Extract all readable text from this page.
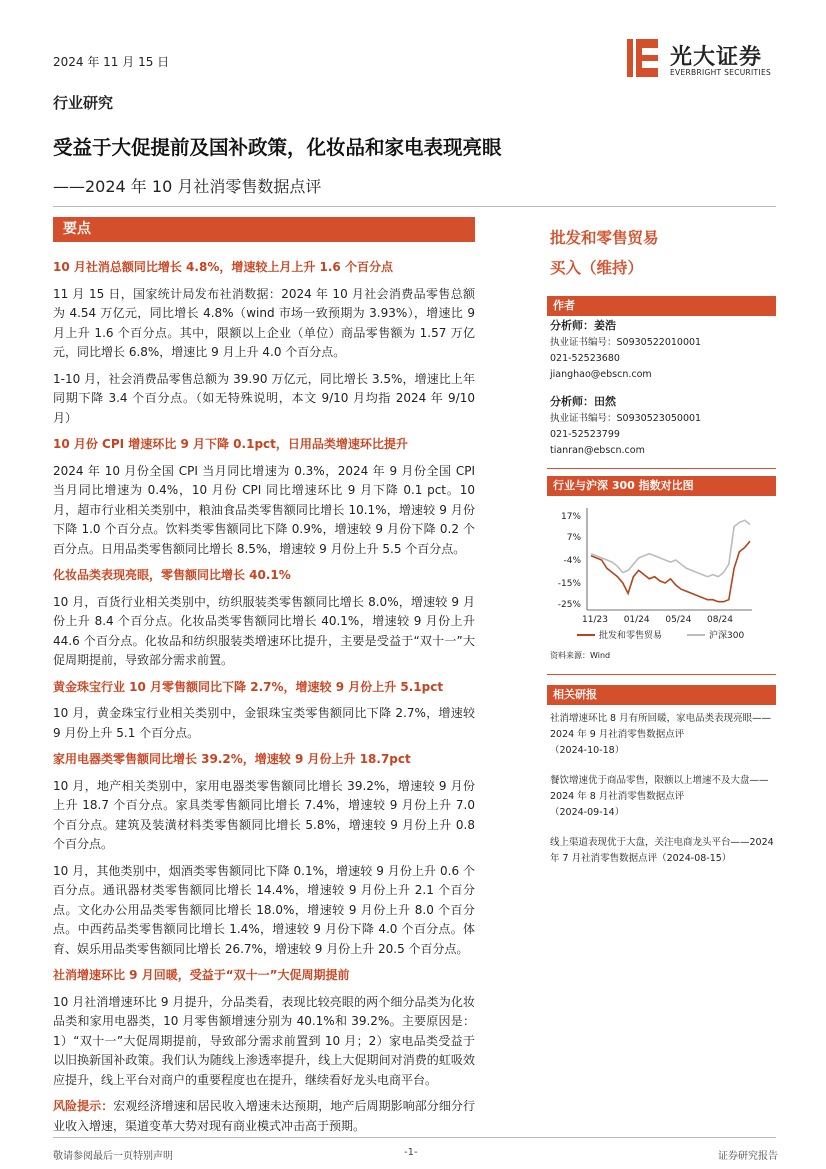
2024 年 11 月 15 日	光大证券
EVERBRIGHT SECURITIES
行业研究
受益于大促提前及国补政策，化妆品和家电表现亮眼
——2024 年 10 月社消零售数据点评
要点
10 月社消总额同比增长 4.8%，增速较上月上升 1.6 个百分点

11 月 15 日，国家统计局发布社消数据：2024 年 10 月社会消费品零售总额为 4.54 万亿元，同比增长 4.8%（wind 市场一致预期为 3.93%），增速比 9 月上升 1.6 个百分点。其中，限额以上企业（单位）商品零售额为 1.57 万亿元，同比增长 6.8%，增速比 9 月上升 4.0 个百分点。

1-10 月，社会消费品零售总额为 39.90 万亿元，同比增长 3.5%，增速比上年同期下降 3.4 个百分点。（如无特殊说明，本文 9/10 月均指 2024 年 9/10 月）

10 月份 CPI 增速环比 9 月下降 0.1pct，日用品类增速环比提升

2024 年 10 月份全国 CPI 当月同比增速为 0.3%，2024 年 9 月份全国 CPI 当月同比增速为 0.4%，10 月份 CPI 同比增速环比 9 月下降 0.1 pct。10 月，超市行业相关类别中，粮油食品类零售额同比增长 10.1%，增速较 9 月份下降 1.0 个百分点。饮料类零售额同比下降 0.9%，增速较 9 月份下降 0.2 个百分点。日用品类零售额同比增长 8.5%，增速较 9 月份上升 5.5 个百分点。

化妆品类表现亮眼，零售额同比增长 40.1%

10 月，百货行业相关类别中，纺织服装类零售额同比增长 8.0%，增速较 9 月份上升 8.4 个百分点。化妆品类零售额同比增长 40.1%，增速较 9 月份上升 44.6 个百分点。化妆品和纺织服装类增速环比提升，主要是受益于“双十一”大促周期提前，导致部分需求前置。

黄金珠宝行业 10 月零售额同比下降 2.7%，增速较 9 月份上升 5.1pct

10 月，黄金珠宝行业相关类别中，金银珠宝类零售额同比下降 2.7%，增速较 9 月份上升 5.1 个百分点。

家用电器类零售额同比增长 39.2%，增速较 9 月份上升 18.7pct

10 月，地产相关类别中，家用电器类零售额同比增长 39.2%，增速较 9 月份上升 18.7 个百分点。家具类零售额同比增长 7.4%，增速较 9 月份上升 7.0 个百分点。建筑及装潢材料类零售额同比增长 5.8%，增速较 9 月份上升 0.8 个百分点。

10 月，其他类别中，烟酒类零售额同比下降 0.1%，增速较 9 月份上升 0.6 个百分点。通讯器材类零售额同比增长 14.4%，增速较 9 月份上升 2.1 个百分点。文化办公用品类零售额同比增长 18.0%，增速较 9 月份上升 8.0 个百分点。中西药品类零售额同比增长 1.4%，增速较 9 月份下降 4.0 个百分点。体育、娱乐用品类零售额同比增长 26.7%，增速较 9 月份上升 20.5 个百分点。

社消增速环比 9 月回暖，受益于“双十一”大促周期提前

10 月社消增速环比 9 月提升，分品类看，表现比较亮眼的两个细分品类为化妆品类和家用电器类，10 月零售额增速分别为 40.1%和 39.2%。主要原因是：1）“双十一”大促周期提前，导致部分需求前置到 10 月；2）家电品类受益于以旧换新国补政策。我们认为随线上渗透率提升，线上大促期间对消费的虹吸效应提升，线上平台对商户的重要程度也在提升，继续看好龙头电商平台。

风险提示：宏观经济增速和居民收入增速未达预期，地产后周期影响部分细分行业收入增速，渠道变革大势对现有商业模式冲击高于预期。

批发和零售贸易
买入（维持）
作者
分析师：姜浩
执业证书编号：S0930522010001
021-52523680
jianghao@ebscn.com
分析师：田然
执业证书编号：S0930523050001
021-52523799
tianran@ebscn.com
行业与沪深 300 指数对比图
17%
7%
-4%
-15%
-25%
11/23 01/24 05/24 08/24
批发和零售贸易	沪深300
资料来源：Wind
相关研报
社消增速环比 8 月有所回暖，家电品类表现亮眼——2024 年 9 月社消零售数据点评
（2024-10-18）
餐饮增速优于商品零售，限额以上增速不及大盘——2024 年 8 月社消零售数据点评
（2024-09-14）
线上渠道表现优于大盘，关注电商龙头平台——2024 年 7 月社消零售数据点评（2024-08-15）
敬请参阅最后一页特别声明	-1-	证券研究报告
